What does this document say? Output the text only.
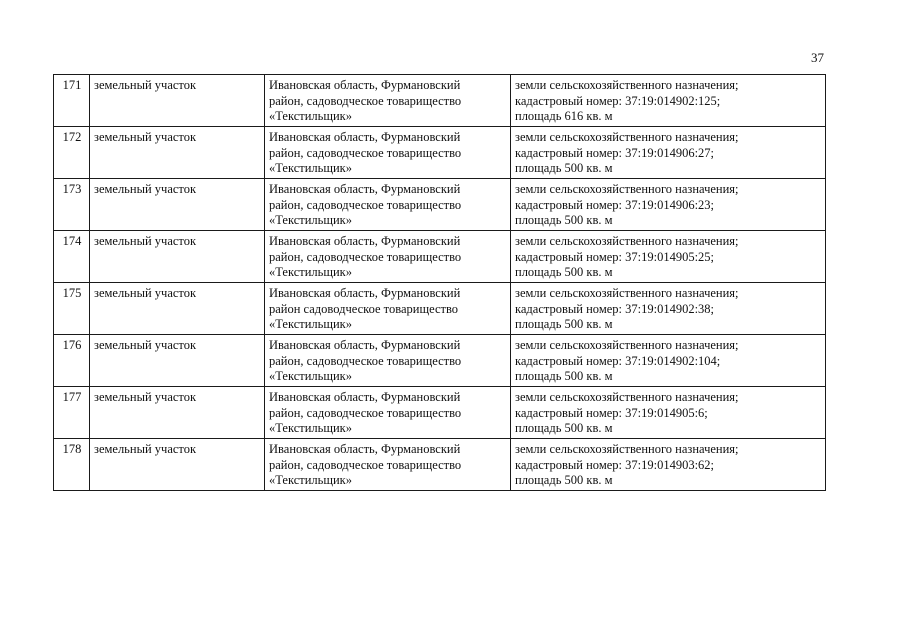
37
171	земельный участок	Ивановская область, Фурмановский
район, садоводческое товарищество
«Текстильщик»	земли сельскохозяйственного назначения;
кадастровый номер: 37:19:014902:125;
площадь 616 кв. м

172	земельный участок	Ивановская область, Фурмановский
район, садоводческое товарищество
«Текстильщик»	земли сельскохозяйственного назначения;
кадастровый номер: 37:19:014906:27;
площадь 500 кв. м

173	земельный участок	Ивановская область, Фурмановский
район, садоводческое товарищество
«Текстильщик»	земли сельскохозяйственного назначения;
кадастровый номер: 37:19:014906:23;
площадь 500 кв. м

174	земельный участок	Ивановская область, Фурмановский
район, садоводческое товарищество
«Текстильщик»	земли сельскохозяйственного назначения;
кадастровый номер: 37:19:014905:25;
площадь 500 кв. м

175	земельный участок	Ивановская область, Фурмановский
район садоводческое товарищество
«Текстильщик»	земли сельскохозяйственного назначения;
кадастровый номер: 37:19:014902:38;
площадь 500 кв. м

176	земельный участок	Ивановская область, Фурмановский
район, садоводческое товарищество
«Текстильщик»	земли сельскохозяйственного назначения;
кадастровый номер: 37:19:014902:104;
площадь 500 кв. м

177	земельный участок	Ивановская область, Фурмановский
район, садоводческое товарищество
«Текстильщик»	земли сельскохозяйственного назначения;
кадастровый номер: 37:19:014905:6;
площадь 500 кв. м

178	земельный участок	Ивановская область, Фурмановский
район, садоводческое товарищество
«Текстильщик»	земли сельскохозяйственного назначения;
кадастровый номер: 37:19:014903:62;
площадь 500 кв. м
